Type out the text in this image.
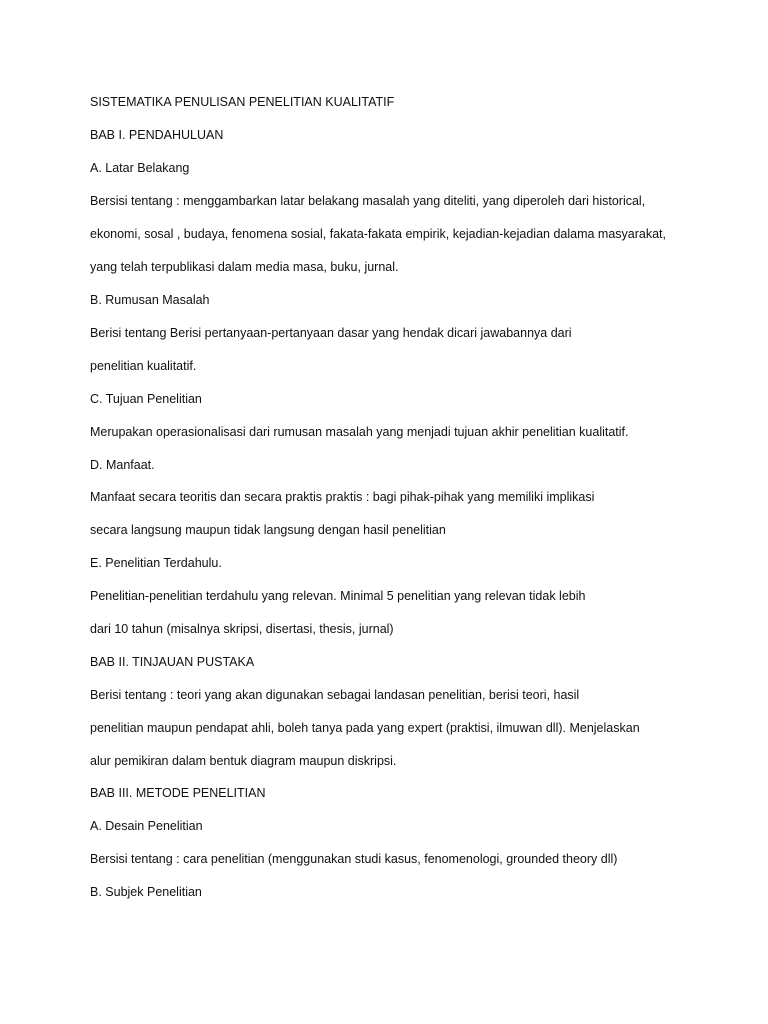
SISTEMATIKA PENULISAN PENELITIAN KUALITATIF

BAB I. PENDAHULUAN

A. Latar Belakang

Bersisi tentang : menggambarkan latar belakang masalah yang diteliti, yang diperoleh dari historical,

ekonomi, sosal , budaya, fenomena sosial, fakata-fakata empirik, kejadian-kejadian dalama masyarakat,

yang telah terpublikasi dalam media masa, buku, jurnal.

B. Rumusan Masalah

Berisi tentang Berisi pertanyaan-pertanyaan dasar yang hendak dicari jawabannya dari

penelitian kualitatif.

C. Tujuan Penelitian

Merupakan operasionalisasi dari rumusan masalah yang menjadi tujuan akhir penelitian kualitatif.

D. Manfaat.

Manfaat secara teoritis dan secara praktis praktis : bagi pihak-pihak yang memiliki implikasi

secara langsung maupun tidak langsung dengan hasil penelitian

E. Penelitian Terdahulu.

Penelitian-penelitian terdahulu yang relevan. Minimal 5 penelitian yang relevan tidak lebih

dari 10 tahun (misalnya skripsi, disertasi, thesis, jurnal)

BAB II. TINJAUAN PUSTAKA

Berisi tentang : teori yang akan digunakan sebagai landasan penelitian, berisi teori, hasil

penelitian maupun pendapat ahli, boleh tanya pada yang expert (praktisi, ilmuwan dll). Menjelaskan

alur pemikiran dalam bentuk diagram maupun diskripsi.

BAB III. METODE PENELITIAN

A. Desain Penelitian

Bersisi tentang : cara penelitian (menggunakan studi kasus, fenomenologi, grounded theory dll)

B. Subjek Penelitian
